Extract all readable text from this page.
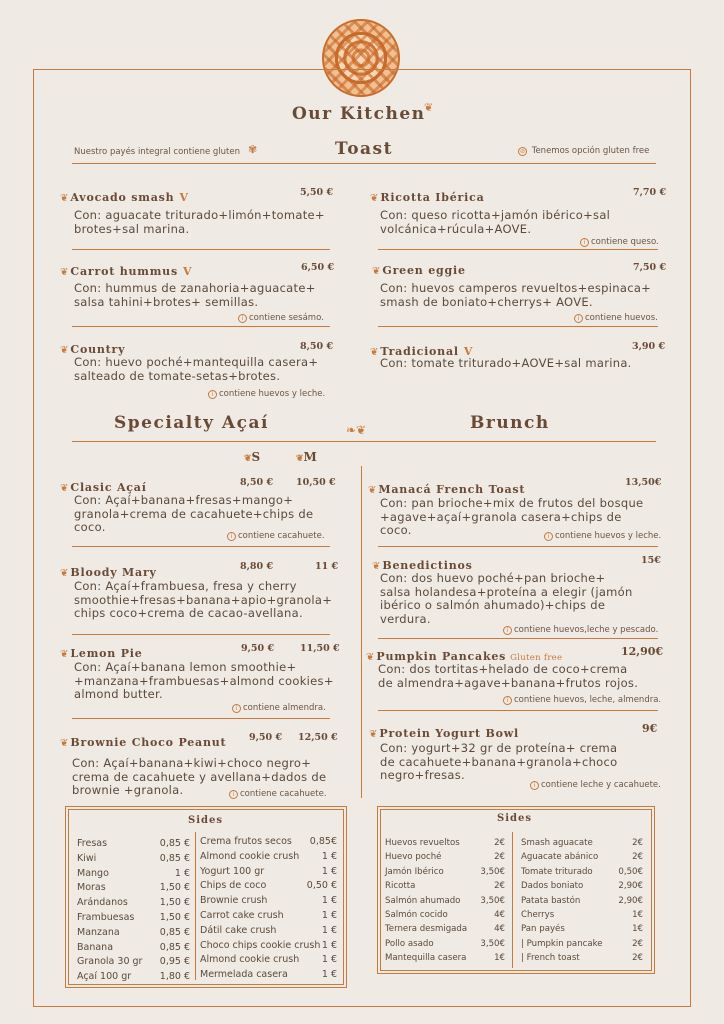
Our Kitchen
❦
Nuestro payés integral contiene gluten ✾	Toast	⊘ Tenemos opción gluten free
❦ Avocado smash V	5,50 €
Con: aguacate triturado+limón+tomate+
brotes+sal marina.
❦ Carrot hummus V	6,50 €
Con: hummus de zanahoria+aguacate+
salsa tahini+brotes+ semillas.
i contiene sesámo.
❦ Country	8,50 €
Con: huevo poché+mantequilla casera+
salteado de tomate-setas+brotes.
i contiene huevos y leche.
❦ Ricotta Ibérica	7,70 €
Con: queso ricotta+jamón ibérico+sal
volcánica+rúcula+AOVE.
i contiene queso.
❦ Green eggie	7,50 €
Con: huevos camperos revueltos+espinaca+
smash de boniato+cherrys+ AOVE.
i contiene huevos.
❦ Tradicional V	3,90 €
Con: tomate triturado+AOVE+sal marina.
Specialty Açaí	❧❦	Brunch
❦S	❦M
❦ Clasic Açaí	8,50 € 10,50 €
Con: Açaí+banana+fresas+mango+
granola+crema de cacahuete+chips de
coco.
i contiene cacahuete.
❦ Bloody Mary	8,80 €	11 €
Con: Açaí+frambuesa, fresa y cherry
smoothie+fresas+banana+apio+granola+
chips coco+crema de cacao-avellana.
❦ Lemon Pie	9,50 €	11,50 €
Con: Açaí+banana lemon smoothie+
+manzana+frambuesas+almond cookies+
almond butter.
i contiene almendra.
❦ Brownie Choco Peanut 9,50 € 12,50 €
Con: Açaí+banana+kiwi+choco negro+
crema de cacahuete y avellana+dados de
brownie +granola.	i contiene cacahuete.
❦ Manacá French Toast
13,50€
Con: pan brioche+mix de frutos del bosque
+agave+açaí+granola casera+chips de
coco.	i contiene huevos y leche.
❦ Benedictinos	15€
Con: dos huevo poché+pan brioche+
salsa holandesa+proteína a elegir (jamón
ibérico o salmón ahumado)+chips de
verdura.
i contiene huevos,leche y pescado.
❦ Pumpkin Pancakes Gluten free	12,90€
Con: dos tortitas+helado de coco+crema
de almendra+agave+banana+frutos rojos.
i contiene huevos, leche, almendra.
❦ Protein Yogurt Bowl	9€
Con: yogurt+32 gr de proteína+ crema
de cacahuete+banana+granola+choco
negro+fresas.
i contiene leche y cacahuete.
Sides
Fresas	0,85 €
Kiwi	0,85 €
Mango	1 €
Moras	1,50 €
Arándanos	1,50 €
Frambuesas	1,50 €
Manzana	0,85 €
Banana	0,85 €
Granola 30 gr 0,95 €
Açaí 100 gr	1,80 €
Crema frutos secos 0,85€
Almond cookie crush 1 €
Yogurt 100 gr	1 €
Chips de coco	0,50 €
Brownie crush	1 €
Carrot cake crush	1 €
Dátil cake crush	1 €
Choco chips cookie crush 1 €
Almond cookie crush 1 €
Mermelada casera	1 €
Sides
Huevos revueltos	2€
Huevo poché	2€
Jamón Ibérico	3,50€
Ricotta	2€
Salmón ahumado 3,50€
Salmón cocido	4€
Ternera desmigada	4€
Pollo asado	3,50€
Mantequilla casera	1€
Smash aguacate	2€
Aguacate abánico	2€
Tomate triturado	0,50€
Dados boniato	2,90€
Patata bastón	2,90€
Cherrys	1€
Pan payés	1€
| Pumpkin pancake	2€
| French toast	2€
